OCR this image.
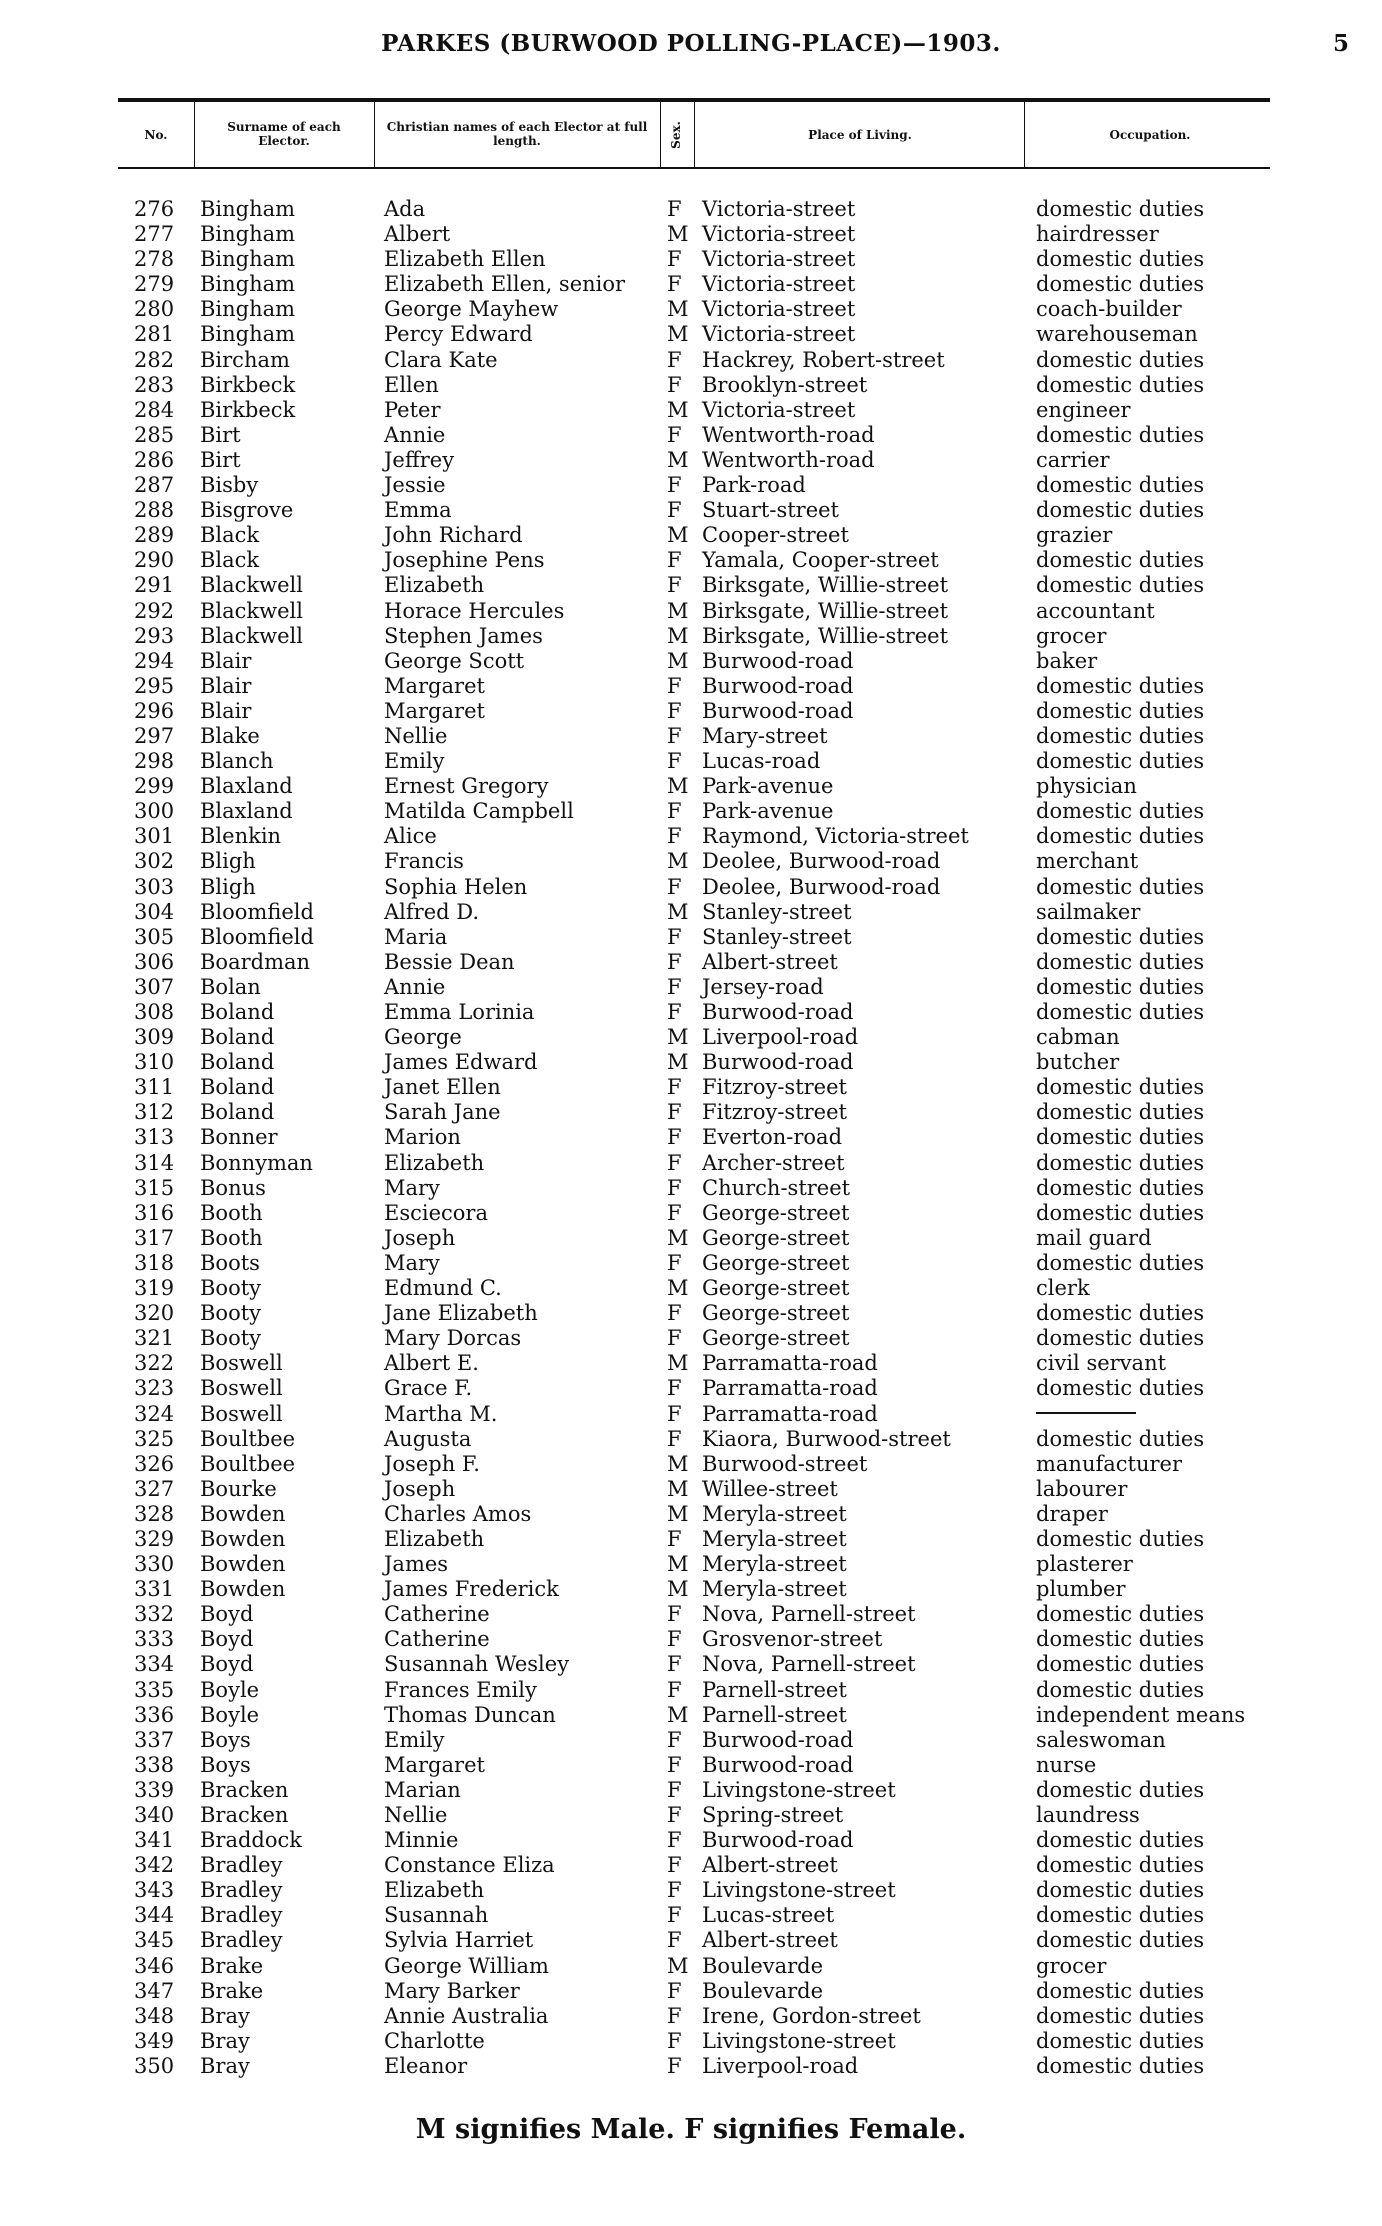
PARKES (BURWOOD POLLING-PLACE)—1903.	5
No.
Surname of each Elector.
Christian names of each Elector at full length.	Sex.	Place of Living.	Occupation.
276 Bingham	Ada	F Victoria-street	domestic duties
277 Bingham	Albert	M Victoria-street	hairdresser
278 Bingham	Elizabeth Ellen	F Victoria-street	domestic duties
279 Bingham	Elizabeth Ellen, senior F Victoria-street	domestic duties
280 Bingham	George Mayhew	M Victoria-street	coach-builder
281 Bingham	Percy Edward	M Victoria-street	warehouseman
282 Bircham	Clara Kate	F Hackrey, Robert-street	domestic duties
283 Birkbeck	Ellen	F Brooklyn-street	domestic duties
284 Birkbeck	Peter	M Victoria-street	engineer
285 Birt	Annie	F Wentworth-road	domestic duties
286 Birt	Jeffrey	M Wentworth-road	carrier
287 Bisby	Jessie	F Park-road	domestic duties
288 Bisgrove	Emma	F Stuart-street	domestic duties
289 Black	John Richard	M Cooper-street	grazier
290 Black	Josephine Pens	F Yamala, Cooper-street	domestic duties
291 Blackwell	Elizabeth	F Birksgate, Willie-street	domestic duties
292 Blackwell	Horace Hercules	M Birksgate, Willie-street	accountant
293 Blackwell	Stephen James	M Birksgate, Willie-street	grocer
294 Blair	George Scott	M Burwood-road	baker
295 Blair	Margaret	F Burwood-road	domestic duties
296 Blair	Margaret	F Burwood-road	domestic duties
297 Blake	Nellie	F Mary-street	domestic duties
298 Blanch	Emily	F Lucas-road	domestic duties
299 Blaxland	Ernest Gregory	M Park-avenue	physician
300 Blaxland	Matilda Campbell	F Park-avenue	domestic duties
301 Blenkin	Alice	F Raymond, Victoria-street	domestic duties
302 Bligh	Francis	M Deolee, Burwood-road	merchant
303 Bligh	Sophia Helen	F Deolee, Burwood-road	domestic duties
304 Bloomfield	Alfred D.	M Stanley-street	sailmaker
305 Bloomfield	Maria	F Stanley-street	domestic duties
306 Boardman	Bessie Dean	F Albert-street	domestic duties
307 Bolan	Annie	F Jersey-road	domestic duties
308 Boland	Emma Lorinia	F Burwood-road	domestic duties
309 Boland	George	M Liverpool-road	cabman
310 Boland	James Edward	M Burwood-road	butcher
311 Boland	Janet Ellen	F Fitzroy-street	domestic duties
312 Boland	Sarah Jane	F Fitzroy-street	domestic duties
313 Bonner	Marion	F Everton-road	domestic duties
314 Bonnyman	Elizabeth	F Archer-street	domestic duties
315 Bonus	Mary	F Church-street	domestic duties
316 Booth	Esciecora	F George-street	domestic duties
317 Booth	Joseph	M George-street	mail guard
318 Boots	Mary	F George-street	domestic duties
319 Booty	Edmund C.	M George-street	clerk
320 Booty	Jane Elizabeth	F George-street	domestic duties
321 Booty	Mary Dorcas	F George-street	domestic duties
322 Boswell	Albert E.	M Parramatta-road	civil servant
323 Boswell	Grace F.	F Parramatta-road	domestic duties
324 Boswell	Martha M.	F Parramatta-road
325 Boultbee	Augusta	F Kiaora, Burwood-street	domestic duties
326 Boultbee	Joseph F.	M Burwood-street	manufacturer
327 Bourke	Joseph	M Willee-street	labourer
328 Bowden	Charles Amos	M Meryla-street	draper
329 Bowden	Elizabeth	F Meryla-street	domestic duties
330 Bowden	James	M Meryla-street	plasterer
331 Bowden	James Frederick	M Meryla-street	plumber
332 Boyd	Catherine	F Nova, Parnell-street	domestic duties
333 Boyd	Catherine	F Grosvenor-street	domestic duties
334 Boyd	Susannah Wesley	F Nova, Parnell-street	domestic duties
335 Boyle	Frances Emily	F Parnell-street	domestic duties
336 Boyle	Thomas Duncan	M Parnell-street	independent means
337 Boys	Emily	F Burwood-road	saleswoman
338 Boys	Margaret	F Burwood-road	nurse
339 Bracken	Marian	F Livingstone-street	domestic duties
340 Bracken	Nellie	F Spring-street	laundress
341 Braddock	Minnie	F Burwood-road	domestic duties
342 Bradley	Constance Eliza	F Albert-street	domestic duties
343 Bradley	Elizabeth	F Livingstone-street	domestic duties
344 Bradley	Susannah	F Lucas-street	domestic duties
345 Bradley	Sylvia Harriet	F Albert-street	domestic duties
346 Brake	George William	M Boulevarde	grocer
347 Brake	Mary Barker	F Boulevarde	domestic duties
348 Bray	Annie Australia	F Irene, Gordon-street	domestic duties
349 Bray	Charlotte	F Livingstone-street	domestic duties
350 Bray	Eleanor	F Liverpool-road	domestic duties
M signifies Male. F signifies Female.
